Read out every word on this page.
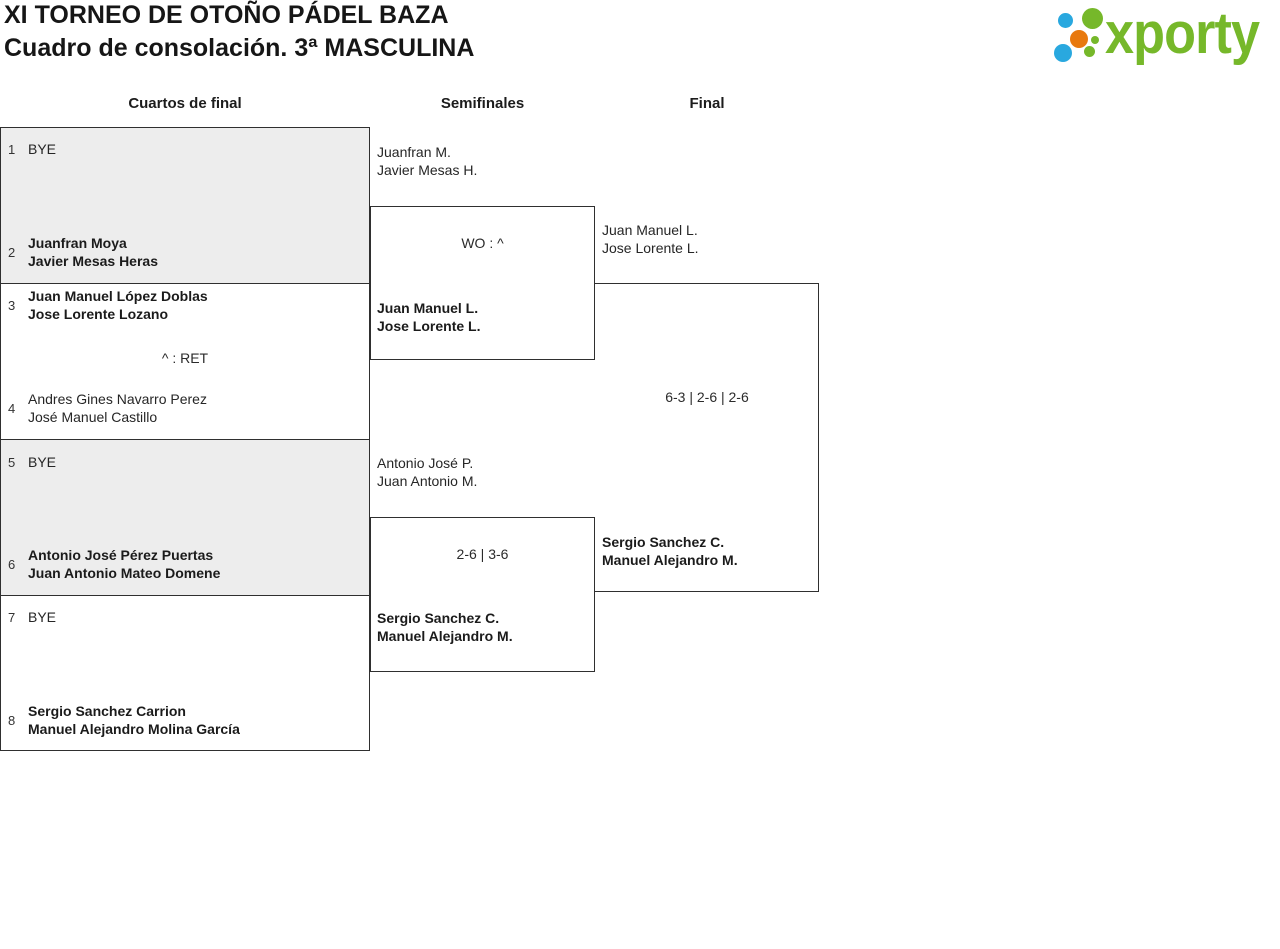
XI TORNEO DE OTOÑO PÁDEL BAZA
Cuadro de consolación. 3ª MASCULINA	xporty
Cuartos de final	Semifinales	Final
1 BYE
2
Juanfran Moya
Javier Mesas Heras
3
Juan Manuel López Doblas
Jose Lorente Lozano
^ : RET
4
Andres Gines Navarro Perez
José Manuel Castillo
5 BYE
6
Antonio José Pérez Puertas
Juan Antonio Mateo Domene
7 BYE
8
Sergio Sanchez Carrion
Manuel Alejandro Molina García
Juanfran M.
Javier Mesas H.
WO : ^
Juan Manuel L.
Jose Lorente L.
Antonio José P.
Juan Antonio M.
2-6 | 3-6
Sergio Sanchez C.
Manuel Alejandro M.
Juan Manuel L.
Jose Lorente L.
6-3 | 2-6 | 2-6
Sergio Sanchez C.
Manuel Alejandro M.
